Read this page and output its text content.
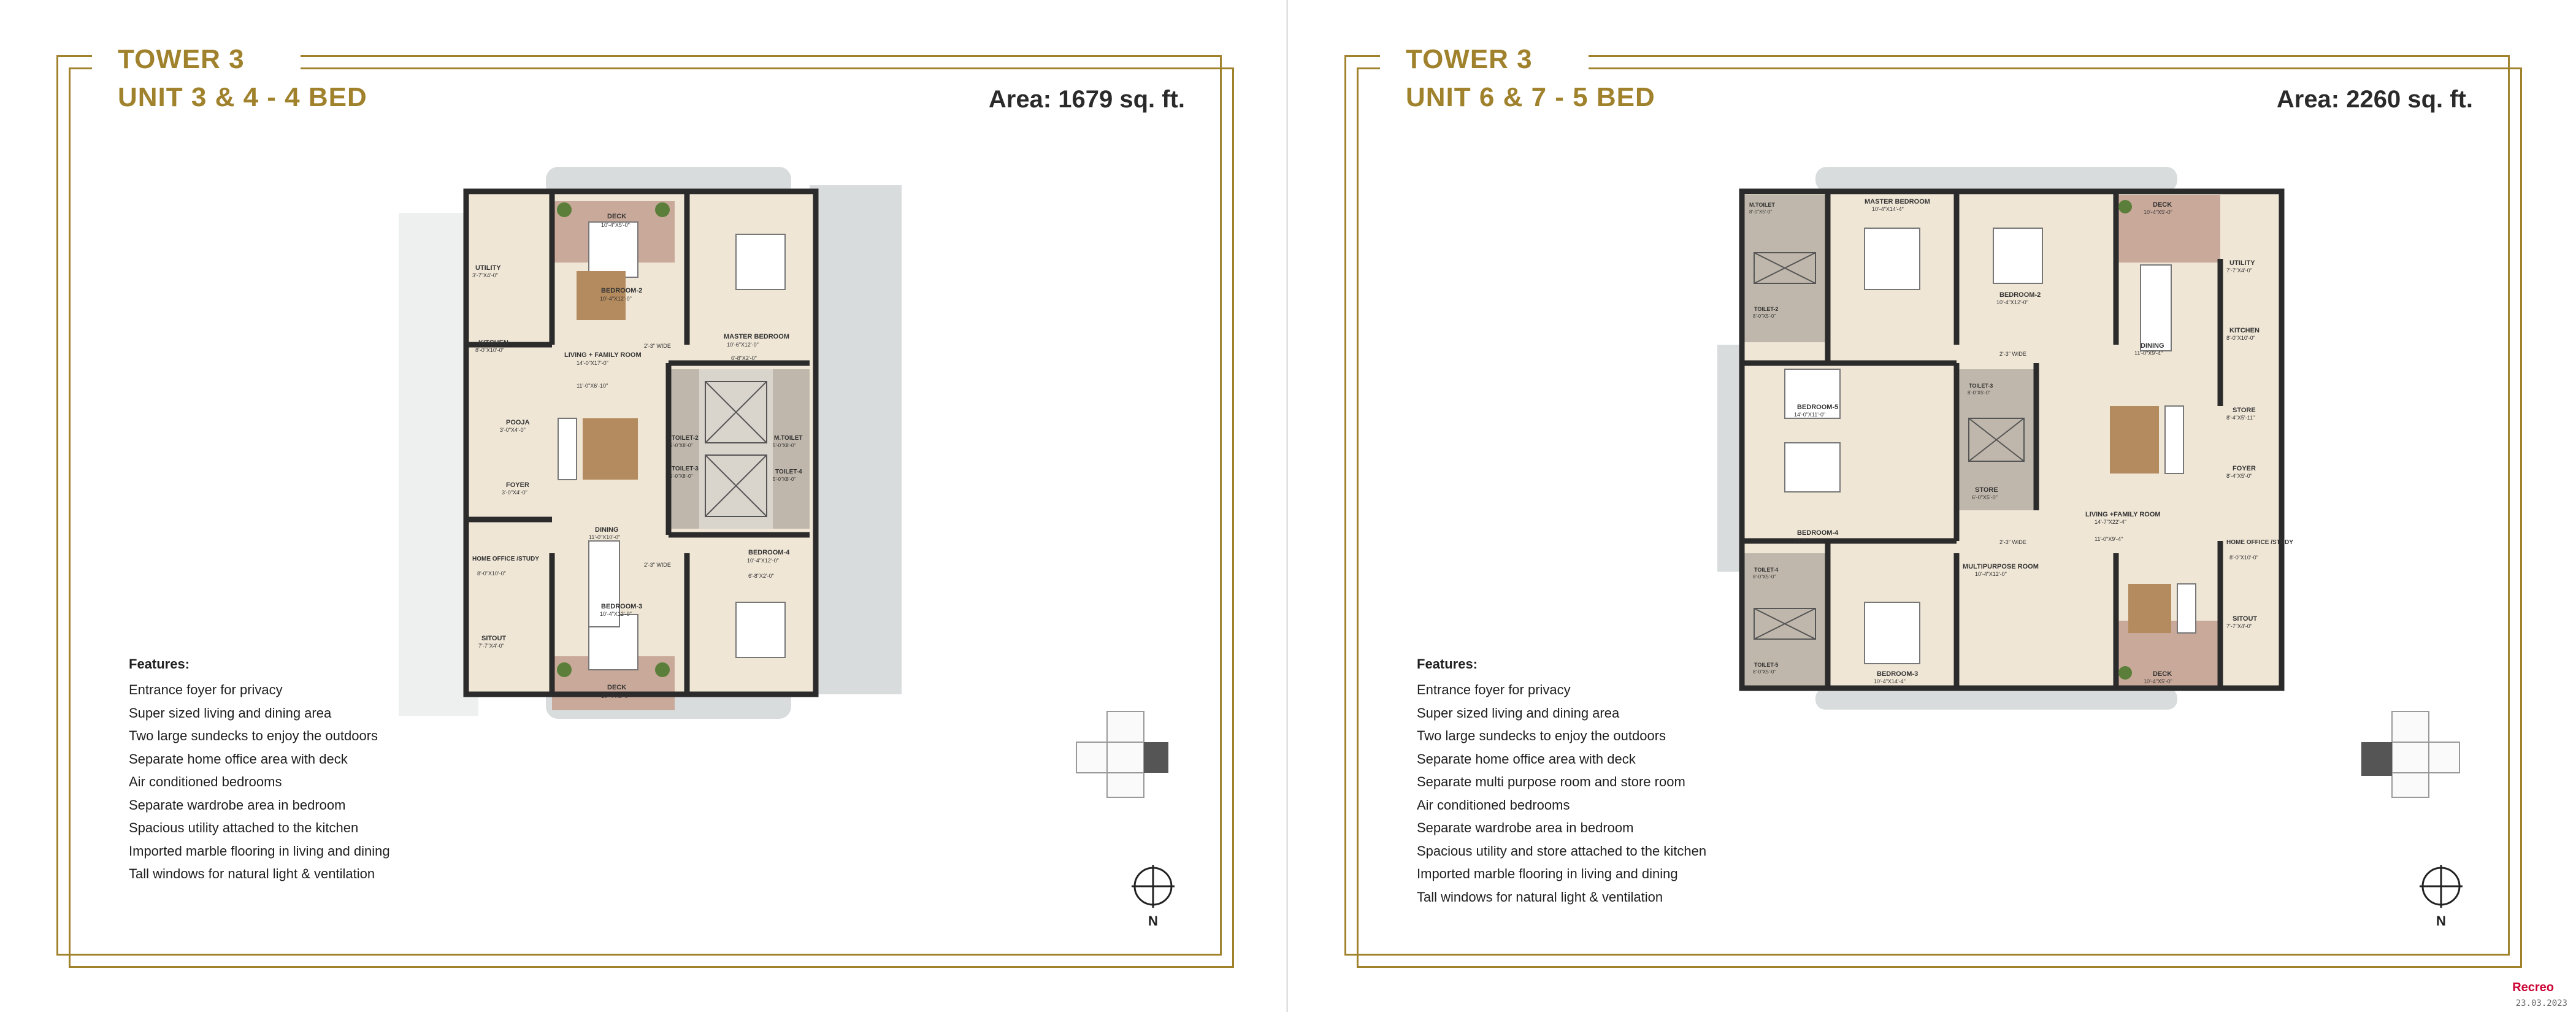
TOWER 3
UNIT 3 & 4 - 4 BED	Area: 1679 sq. ft.
DECK
10'-4"X5'-0"
UTILITY
3'-7"X4'-0"
KITCHEN
8'-0"X10'-0"
LIVING + FAMILY ROOM
14'-0"X17'-0"
11'-0"X6'-10"
BEDROOM-2
10'-4"X12'-0"
MASTER BEDROOM
10'-6"X12'-0"
6'-8"X2'-0"
2'-3" WIDE
POOJA
3'-0"X4'-0"
FOYER
3'-0"X4'-0"
TOILET-2
5'-0"X8'-0"
TOILET-3
5'-0"X8'-0"
M.TOILET
5'-0"X8'-0"
TOILET-4
5'-0"X8'-0"
HOME OFFICE /STUDY
8'-0"X10'-0"
DINING
11'-0"X10'-0"
2'-3" WIDE
BEDROOM-4
10'-4"X12'-0"
6'-8"X2'-0"
BEDROOM-3
10'-4"X12'-0"
SITOUT
7'-7"X4'-0"
DECK
10'-4"X5'-0"
Features:
Entrance foyer for privacy
Super sized living and dining area
Two large sundecks to enjoy the outdoors
Separate home office area with deck
Air conditioned bedrooms
Separate wardrobe area in bedroom
Spacious utility attached to the kitchen
Imported marble flooring in living and dining
Tall windows for natural light & ventilation
N
TOWER 3
UNIT 6 & 7 - 5 BED	Area: 2260 sq. ft.
M.TOILET
8'-0"X5'-0"
MASTER BEDROOM
10'-4"X14'-4"
DECK
10'-4"X5'-0"
TOILET-2
8'-0"X5'-0"
BEDROOM-2
10'-4"X12'-0"
UTILITY
7'-7"X4'-0"
KITCHEN
8'-0"X10'-0"
DINING
11'-0"X9'-4"
2'-3" WIDE
BEDROOM-5
14'-0"X11'-0"
TOILET-3
8'-0"X5'-0"
STORE
8'-4"X5'-11"
FOYER
8'-4"X5'-0"
STORE
6'-0"X5'-0"
LIVING +FAMILY ROOM
14'-7"X22'-4"
11'-0"X9'-4"
BEDROOM-4
14'-0"X11'-0"	2'-3" WIDE	HOME OFFICE /STUDY
8'-0"X10'-0"
TOILET-4
8'-0"X5'-0"
MULTIPURPOSE ROOM
10'-4"X12'-0"
TOILET-5
8'-0"X5'-0"	BEDROOM-3
10'-4"X14'-4"
SITOUT
7'-7"X4'-0"
DECK
10'-4"X5'-0"
Features:
Entrance foyer for privacy
Super sized living and dining area
Two large sundecks to enjoy the outdoors
Separate home office area with deck
Separate multi purpose room and store room
Air conditioned bedrooms
Separate wardrobe area in bedroom
Spacious utility and store attached to the kitchen
Imported marble flooring in living and dining
Tall windows for natural light & ventilation
N
Recreo
23.03.2023
